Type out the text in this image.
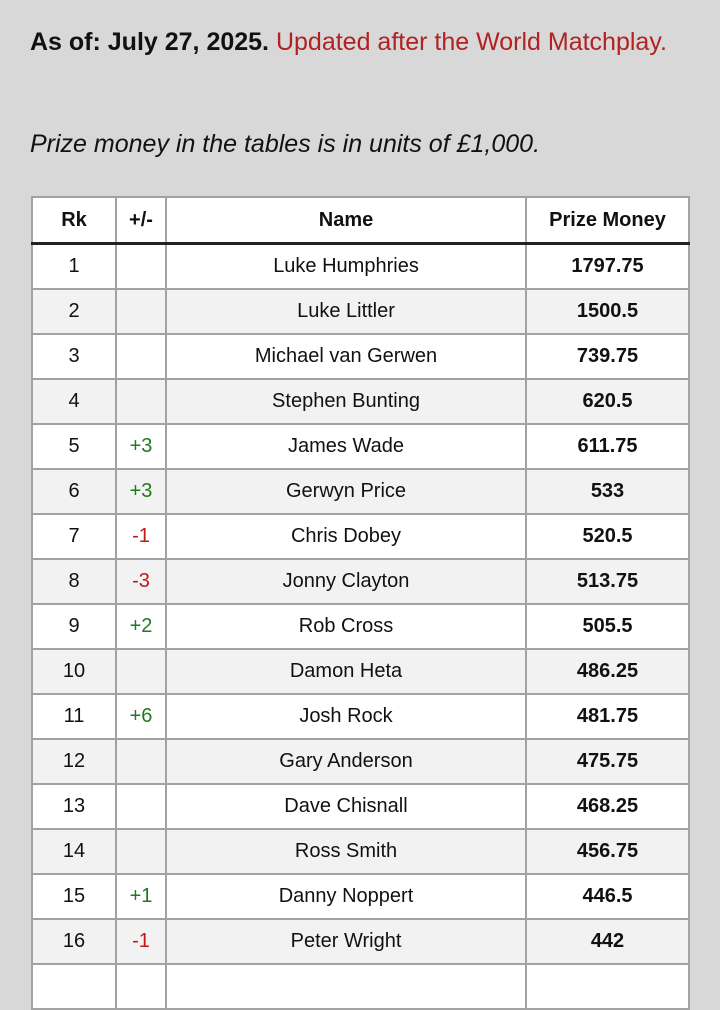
As of: July 27, 2025. Updated after the World Matchplay.
Prize money in the tables is in units of £1,000.
Rk	+/-	Name	Prize Money
1		Luke Humphries	1797.75
2		Luke Littler	1500.5
3		Michael van Gerwen	739.75
4		Stephen Bunting	620.5
5	+3	James Wade	611.75
6	+3	Gerwyn Price	533
7	-1	Chris Dobey	520.5
8	-3	Jonny Clayton	513.75
9	+2	Rob Cross	505.5
10		Damon Heta	486.25
11	+6	Josh Rock	481.75
12		Gary Anderson	475.75
13		Dave Chisnall	468.25
14		Ross Smith	456.75
15	+1	Danny Noppert	446.5
16	-1	Peter Wright	442
